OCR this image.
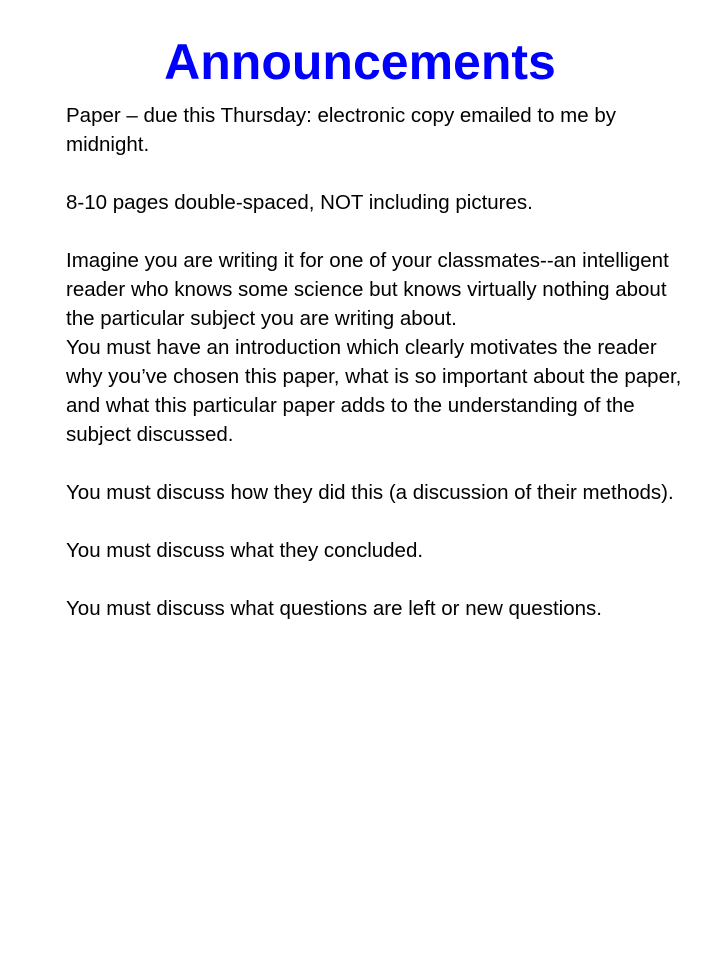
Announcements

Paper – due this Thursday: electronic copy emailed to me by midnight.

8-10 pages double-spaced, NOT including pictures.

Imagine you are writing it for one of your classmates--an intelligent reader who knows some science but knows virtually nothing about the particular subject you are writing about.

You must have an introduction which clearly motivates the reader why you’ve chosen this paper, what is so important about the paper, and what this particular paper adds to the understanding of the subject discussed.

You must discuss how they did this (a discussion of their methods).

You must discuss what they concluded.

You must discuss what questions are left or new questions.
